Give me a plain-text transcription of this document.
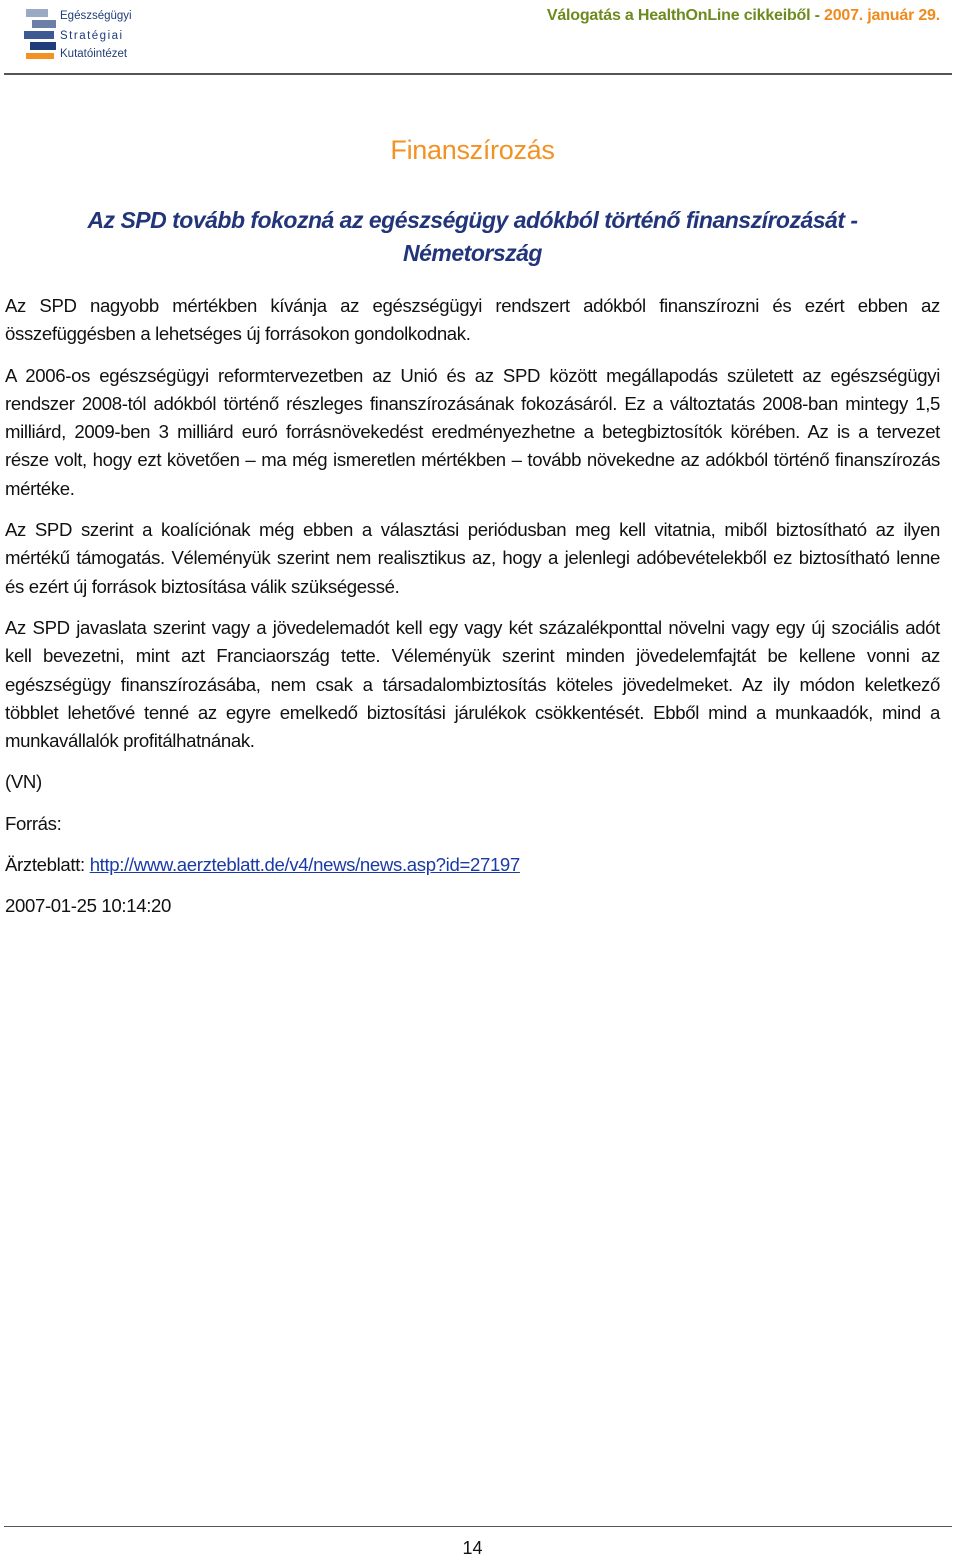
Egészségügyi
Stratégiai
Kutatóintézet
Válogatás a HealthOnLine cikkeiből - 2007. január 29.
Finanszírozás
Az SPD tovább fokozná az egészségügy adókból történő finanszírozását - Németország

Az SPD nagyobb mértékben kívánja az egészségügyi rendszert adókból finanszírozni és ezért ebben az összefüggésben a lehetséges új forrásokon gondolkodnak.

A 2006-os egészségügyi reformtervezetben az Unió és az SPD között megállapodás született az egészségügyi rendszer 2008-tól adókból történő részleges finanszírozásának fokozásáról. Ez a változtatás 2008-ban mintegy 1,5 milliárd, 2009-ben 3 milliárd euró forrásnövekedést eredményezhetne a betegbiztosítók körében. Az is a tervezet része volt, hogy ezt követően – ma még ismeretlen mértékben – tovább növekedne az adókból történő finanszírozás mértéke.

Az SPD szerint a koalíciónak még ebben a választási periódusban meg kell vitatnia, miből biztosítható az ilyen mértékű támogatás. Véleményük szerint nem realisztikus az, hogy a jelenlegi adóbevételekből ez biztosítható lenne és ezért új források biztosítása válik szükségessé.

Az SPD javaslata szerint vagy a jövedelemadót kell egy vagy két százalékponttal növelni vagy egy új szociális adót kell bevezetni, mint azt Franciaország tette. Véleményük szerint minden jövedelemfajtát be kellene vonni az egészségügy finanszírozásába, nem csak a társadalombiztosítás köteles jövedelmeket. Az ily módon keletkező többlet lehetővé tenné az egyre emelkedő biztosítási járulékok csökkentését. Ebből mind a munkaadók, mind a munkavállalók profitálhatnának.

(VN)

Forrás:

Ärzteblatt: http://www.aerzteblatt.de/v4/news/news.asp?id=27197

2007-01-25 10:14:20

14
